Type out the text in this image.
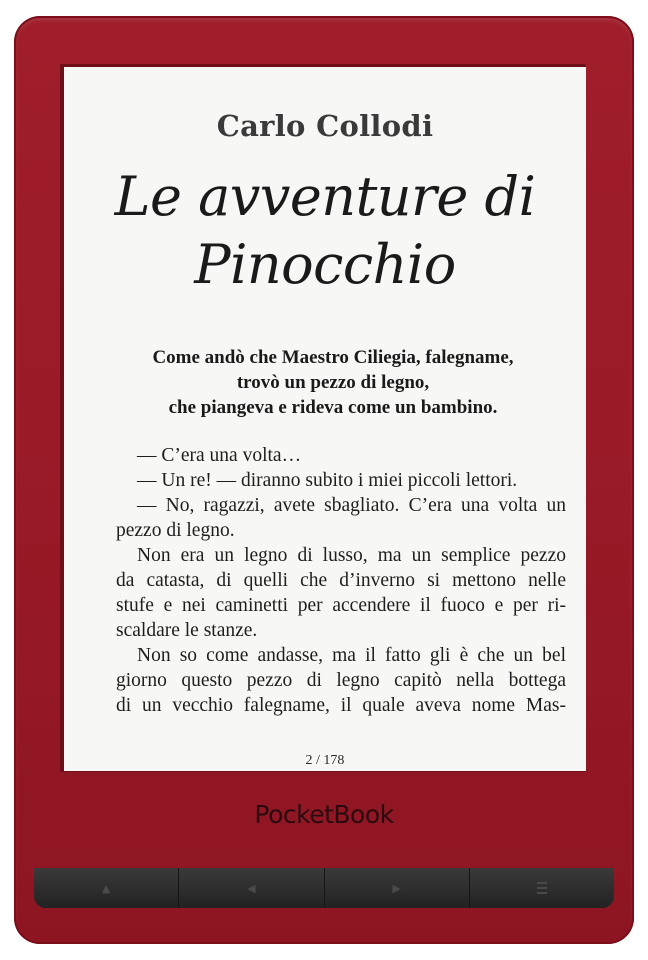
Carlo Collodi
Le avventure di
Pinocchio
Come andò che Maestro Ciliegia, falegname,
trovò un pezzo di legno,
che piangeva e rideva come un bambino.
— C’era una volta…
— Un re! — diranno subito i miei piccoli lettori.
— No, ragazzi, avete sbagliato. C’era una volta un
pezzo di legno.
Non era un legno di lusso, ma un semplice pezzo
da catasta, di quelli che d’inverno si mettono nelle
stufe e nei caminetti per accendere il fuoco e per ri-
scaldare le stanze.
Non so come andasse, ma il fatto gli è che un bel
giorno questo pezzo di legno capitò nella bottega
di un vecchio falegname, il quale aveva nome Mas-
2 / 178
PocketBook
▲	◀	▶
